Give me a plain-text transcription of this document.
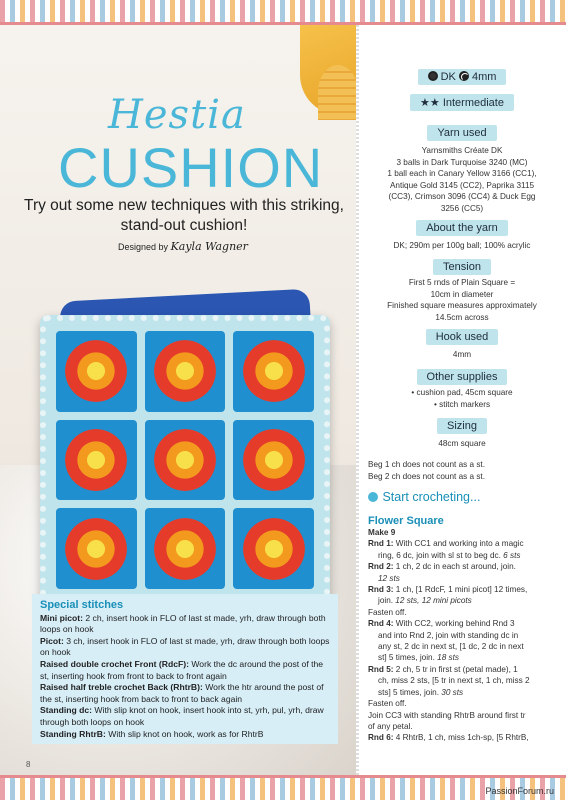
Hestia
CUSHION
Try out some new techniques with this striking, stand-out cushion!
Designed by Kayla Wagner
Special stitches
Mini picot: 2 ch, insert hook in FLO of last st made, yrh, draw through both loops on hook
Picot: 3 ch, insert hook in FLO of last st made, yrh, draw through both loops on hook
Raised double crochet Front (RdcF): Work the dc around the post of the st, inserting hook from front to back to front again
Raised half treble crochet Back (RhtrB): Work the htr around the post of the st, inserting hook from back to front to back again
Standing dc: With slip knot on hook, insert hook into st, yrh, pul, yrh, draw through both loops on hook
Standing RhtrB: With slip knot on hook, work as for RhtrB
8
DK 4mm
★★ Intermediate
Yarn used
Yarnsmiths Créate DK
3 balls in Dark Turquoise 3240 (MC)
1 ball each in Canary Yellow 3166 (CC1),
Antique Gold 3145 (CC2), Paprika 3115
(CC3), Crimson 3096 (CC4) & Duck Egg
3256 (CC5)
About the yarn
DK; 290m per 100g ball; 100% acrylic
Tension
First 5 rnds of Plain Square =
10cm in diameter
Finished square measures approximately
14.5cm across
Hook used
4mm
Other supplies
• cushion pad, 45cm square
• stitch markers
Sizing
48cm square
Beg 1 ch does not count as a st.
Beg 2 ch does not count as a st.
Start crocheting...
Flower Square
Make 9
Rnd 1: With CC1 and working into a magic
ring, 6 dc, join with sl st to beg dc. 6 sts
Rnd 2: 1 ch, 2 dc in each st around, join.
12 sts
Rnd 3: 1 ch, [1 RdcF, 1 mini picot] 12 times,
join. 12 sts, 12 mini picots
Fasten off.
Rnd 4: With CC2, working behind Rnd 3
and into Rnd 2, join with standing dc in
any st, 2 dc in next st, [1 dc, 2 dc in next
st] 5 times, join. 18 sts
Rnd 5: 2 ch, 5 tr in first st (petal made), 1
ch, miss 2 sts, [5 tr in next st, 1 ch, miss 2
sts] 5 times, join. 30 sts
Fasten off.
Join CC3 with standing RhtrB around first tr
of any petal.
Rnd 6: 4 RhtrB, 1 ch, miss 1ch-sp, [5 RhtrB,
PassionForum.ru
